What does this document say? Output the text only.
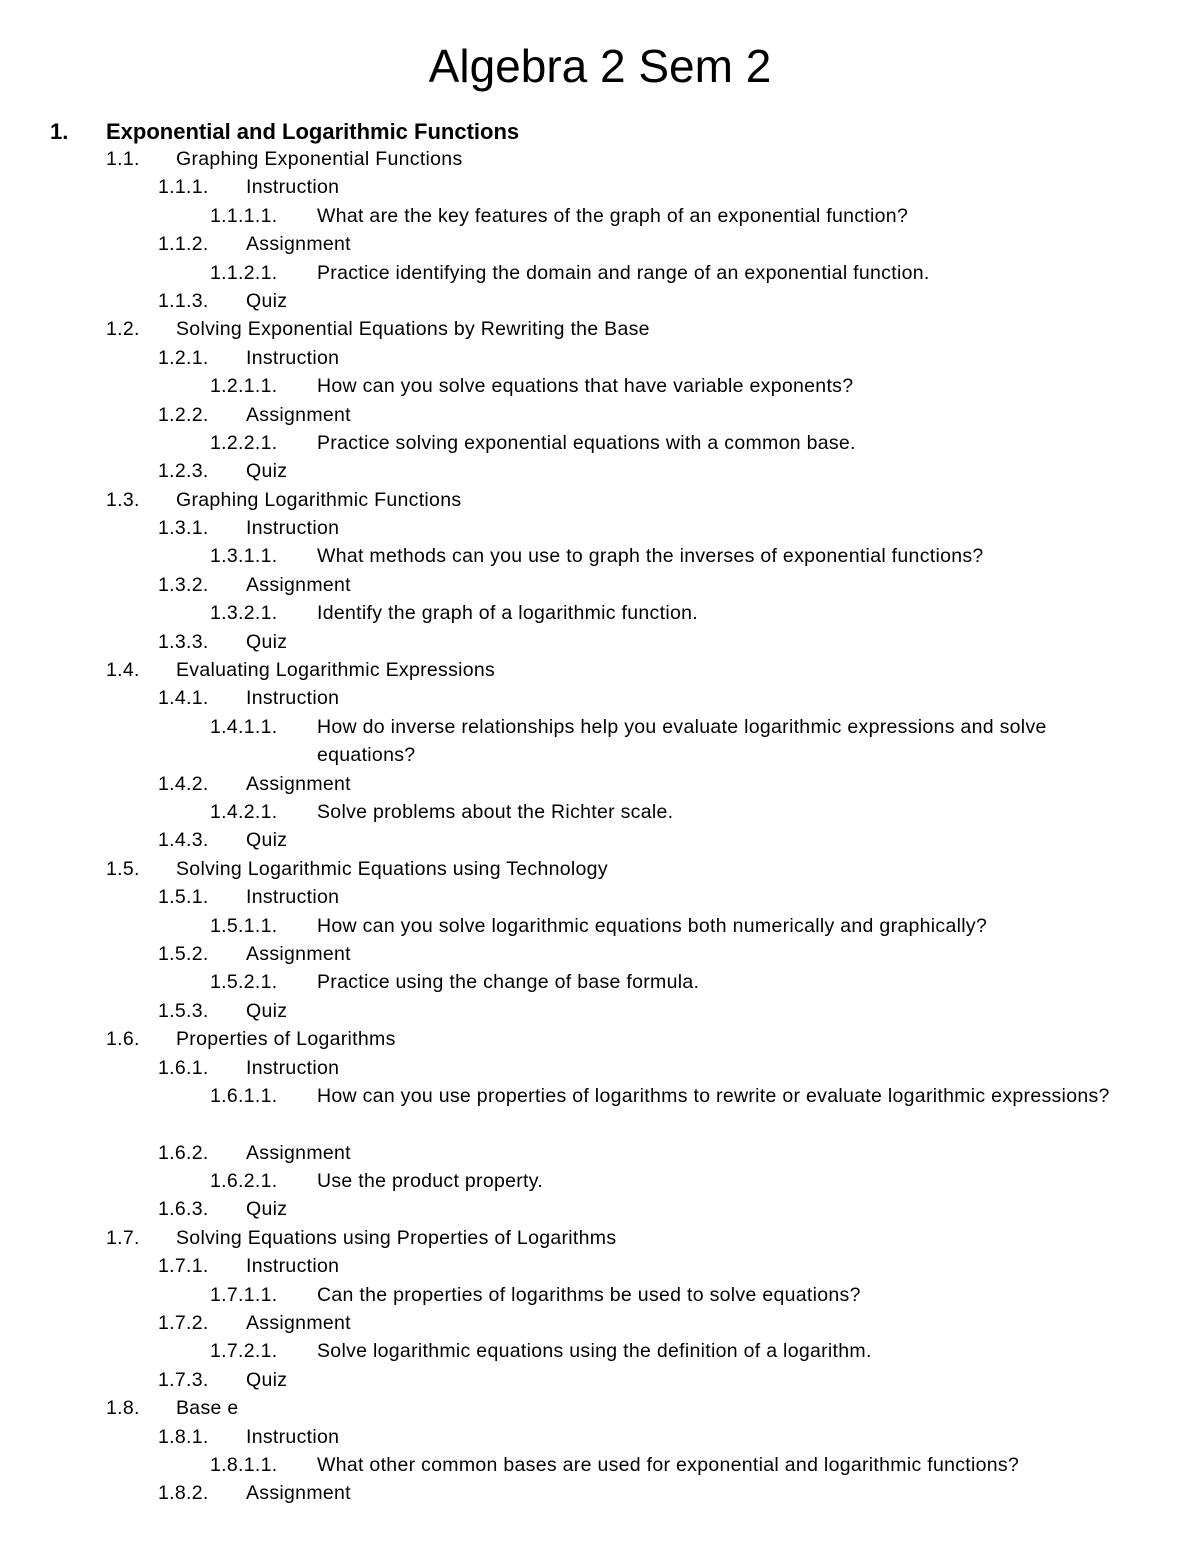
Algebra 2 Sem 2
1. Exponential and Logarithmic Functions
1.1. Graphing Exponential Functions
1.1.1. Instruction
1.1.1.1. What are the key features of the graph of an exponential function?
1.1.2. Assignment
1.1.2.1. Practice identifying the domain and range of an exponential function.
1.1.3. Quiz
1.2. Solving Exponential Equations by Rewriting the Base
1.2.1. Instruction
1.2.1.1. How can you solve equations that have variable exponents?
1.2.2. Assignment
1.2.2.1. Practice solving exponential equations with a common base.
1.2.3. Quiz
1.3. Graphing Logarithmic Functions
1.3.1. Instruction
1.3.1.1. What methods can you use to graph the inverses of exponential functions?
1.3.2. Assignment
1.3.2.1. Identify the graph of a logarithmic function.
1.3.3. Quiz
1.4. Evaluating Logarithmic Expressions
1.4.1. Instruction
1.4.1.1. How do inverse relationships help you evaluate logarithmic expressions and solve equations?
1.4.2. Assignment
1.4.2.1. Solve problems about the Richter scale.
1.4.3. Quiz
1.5. Solving Logarithmic Equations using Technology
1.5.1. Instruction
1.5.1.1. How can you solve logarithmic equations both numerically and graphically?
1.5.2. Assignment
1.5.2.1. Practice using the change of base formula.
1.5.3. Quiz
1.6. Properties of Logarithms
1.6.1. Instruction
1.6.1.1. How can you use properties of logarithms to rewrite or evaluate logarithmic expressions?
1.6.2. Assignment
1.6.2.1. Use the product property.
1.6.3. Quiz
1.7. Solving Equations using Properties of Logarithms
1.7.1. Instruction
1.7.1.1. Can the properties of logarithms be used to solve equations?
1.7.2. Assignment
1.7.2.1. Solve logarithmic equations using the definition of a logarithm.
1.7.3. Quiz
1.8. Base e
1.8.1. Instruction
1.8.1.1. What other common bases are used for exponential and logarithmic functions?
1.8.2. Assignment
